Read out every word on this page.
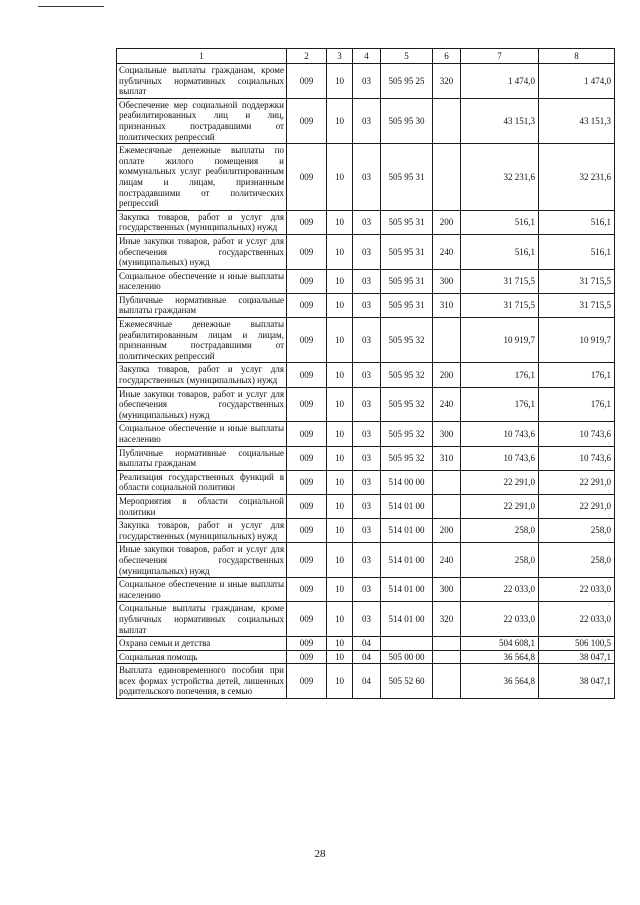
1	2	3	4	5	6	7	8
Социальные выплаты гражданам, кроме публичных нормативных социальных выплат	009	10	03	505 95 25	320	1 474,0	1 474,0
Обеспечение мер социальной поддержки реабилитированных лиц и лиц, признанных пострадавшими от политических репрессий	009	10	03	505 95 30		43 151,3	43 151,3
Ежемесячные денежные выплаты по оплате жилого помещения и коммунальных услуг реабилитированным лицам и лицам, признанным пострадавшими от политических репрессий	009	10	03	505 95 31		32 231,6	32 231,6
Закупка товаров, работ и услуг для государственных (муниципальных) нужд	009	10	03	505 95 31	200	516,1	516,1
Иные закупки товаров, работ и услуг для обеспечения государственных (муниципальных) нужд	009	10	03	505 95 31	240	516,1	516,1
Социальное обеспечение и иные выплаты населению	009	10	03	505 95 31	300	31 715,5	31 715,5
Публичные нормативные социальные выплаты гражданам	009	10	03	505 95 31	310	31 715,5	31 715,5
Ежемесячные денежные выплаты реабилитированным лицам и лицам, признанным пострадавшими от политических репрессий	009	10	03	505 95 32		10 919,7	10 919,7
Закупка товаров, работ и услуг для государственных (муниципальных) нужд	009	10	03	505 95 32	200	176,1	176,1
Иные закупки товаров, работ и услуг для обеспечения государственных (муниципальных) нужд	009	10	03	505 95 32	240	176,1	176,1
Социальное обеспечение и иные выплаты населению	009	10	03	505 95 32	300	10 743,6	10 743,6
Публичные нормативные социальные выплаты гражданам	009	10	03	505 95 32	310	10 743,6	10 743,6
Реализация государственных функций в области социальной политики	009	10	03	514 00 00		22 291,0	22 291,0
Мероприятия в области социальной политики	009	10	03	514 01 00		22 291,0	22 291,0
Закупка товаров, работ и услуг для государственных (муниципальных) нужд	009	10	03	514 01 00	200	258,0	258,0
Иные закупки товаров, работ и услуг для обеспечения государственных (муниципальных) нужд	009	10	03	514 01 00	240	258,0	258,0
Социальное обеспечение и иные выплаты населению	009	10	03	514 01 00	300	22 033,0	22 033,0
Социальные выплаты гражданам, кроме публичных нормативных социальных выплат	009	10	03	514 01 00	320	22 033,0	22 033,0
Охрана семьи и детства	009	10	04			504 608,1	506 100,5
Социальная помощь	009	10	04	505 00 00		36 564,8	38 047,1
Выплата единовременного пособия при всех формах устройства детей, лишенных родительского попечения, в семью	009	10	04	505 52 60		36 564,8	38 047,1
28
